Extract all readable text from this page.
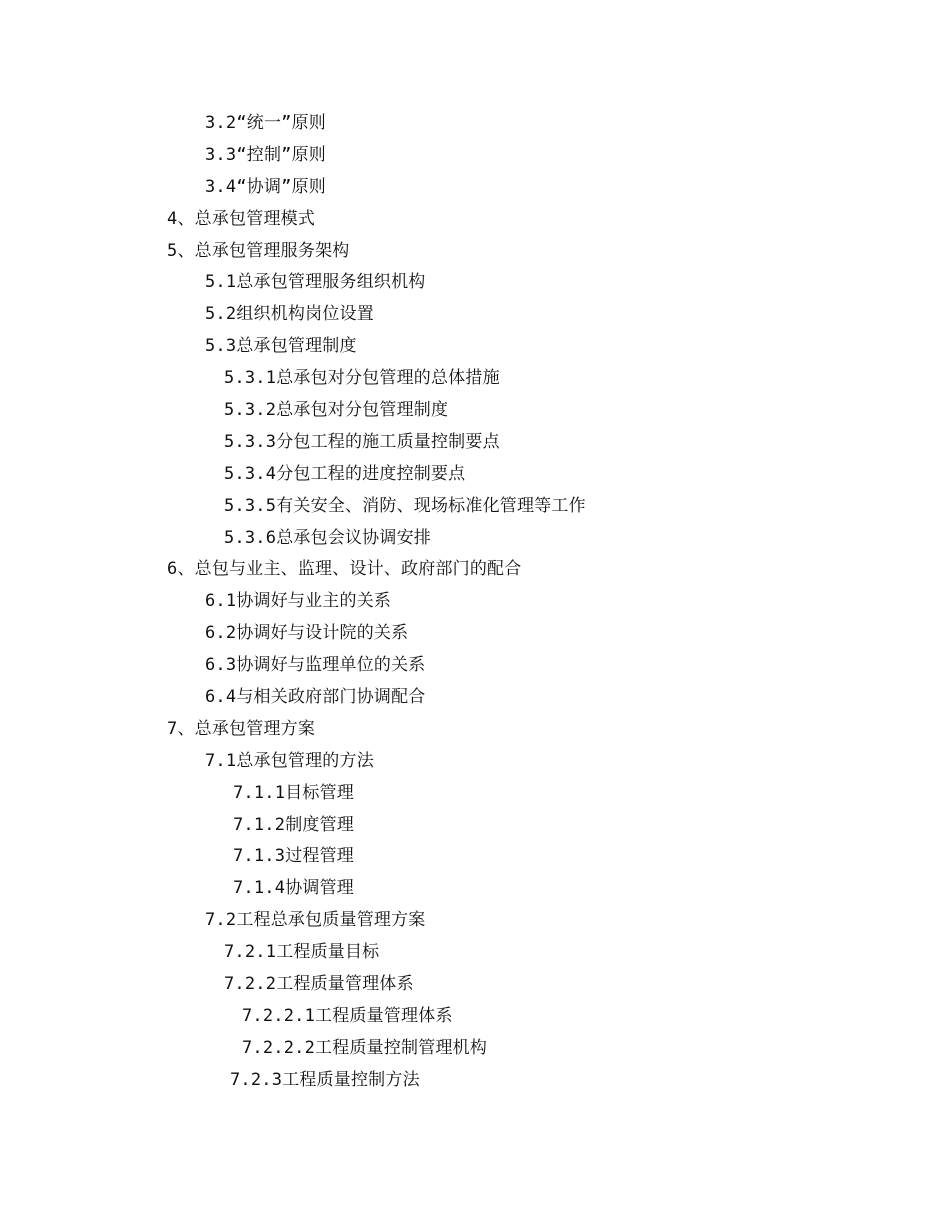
3.2“统一”原则
3.3“控制”原则
3.4“协调”原则
4、总承包管理模式
5、总承包管理服务架构
5.1总承包管理服务组织机构
5.2组织机构岗位设置
5.3总承包管理制度
5.3.1总承包对分包管理的总体措施
5.3.2总承包对分包管理制度
5.3.3分包工程的施工质量控制要点
5.3.4分包工程的进度控制要点
5.3.5有关安全、消防、现场标准化管理等工作
5.3.6总承包会议协调安排
6、总包与业主、监理、设计、政府部门的配合
6.1协调好与业主的关系
6.2协调好与设计院的关系
6.3协调好与监理单位的关系
6.4与相关政府部门协调配合
7、总承包管理方案
7.1总承包管理的方法
7.1.1目标管理
7.1.2制度管理
7.1.3过程管理
7.1.4协调管理
7.2工程总承包质量管理方案
7.2.1工程质量目标
7.2.2工程质量管理体系
7.2.2.1工程质量管理体系
7.2.2.2工程质量控制管理机构
7.2.3工程质量控制方法
